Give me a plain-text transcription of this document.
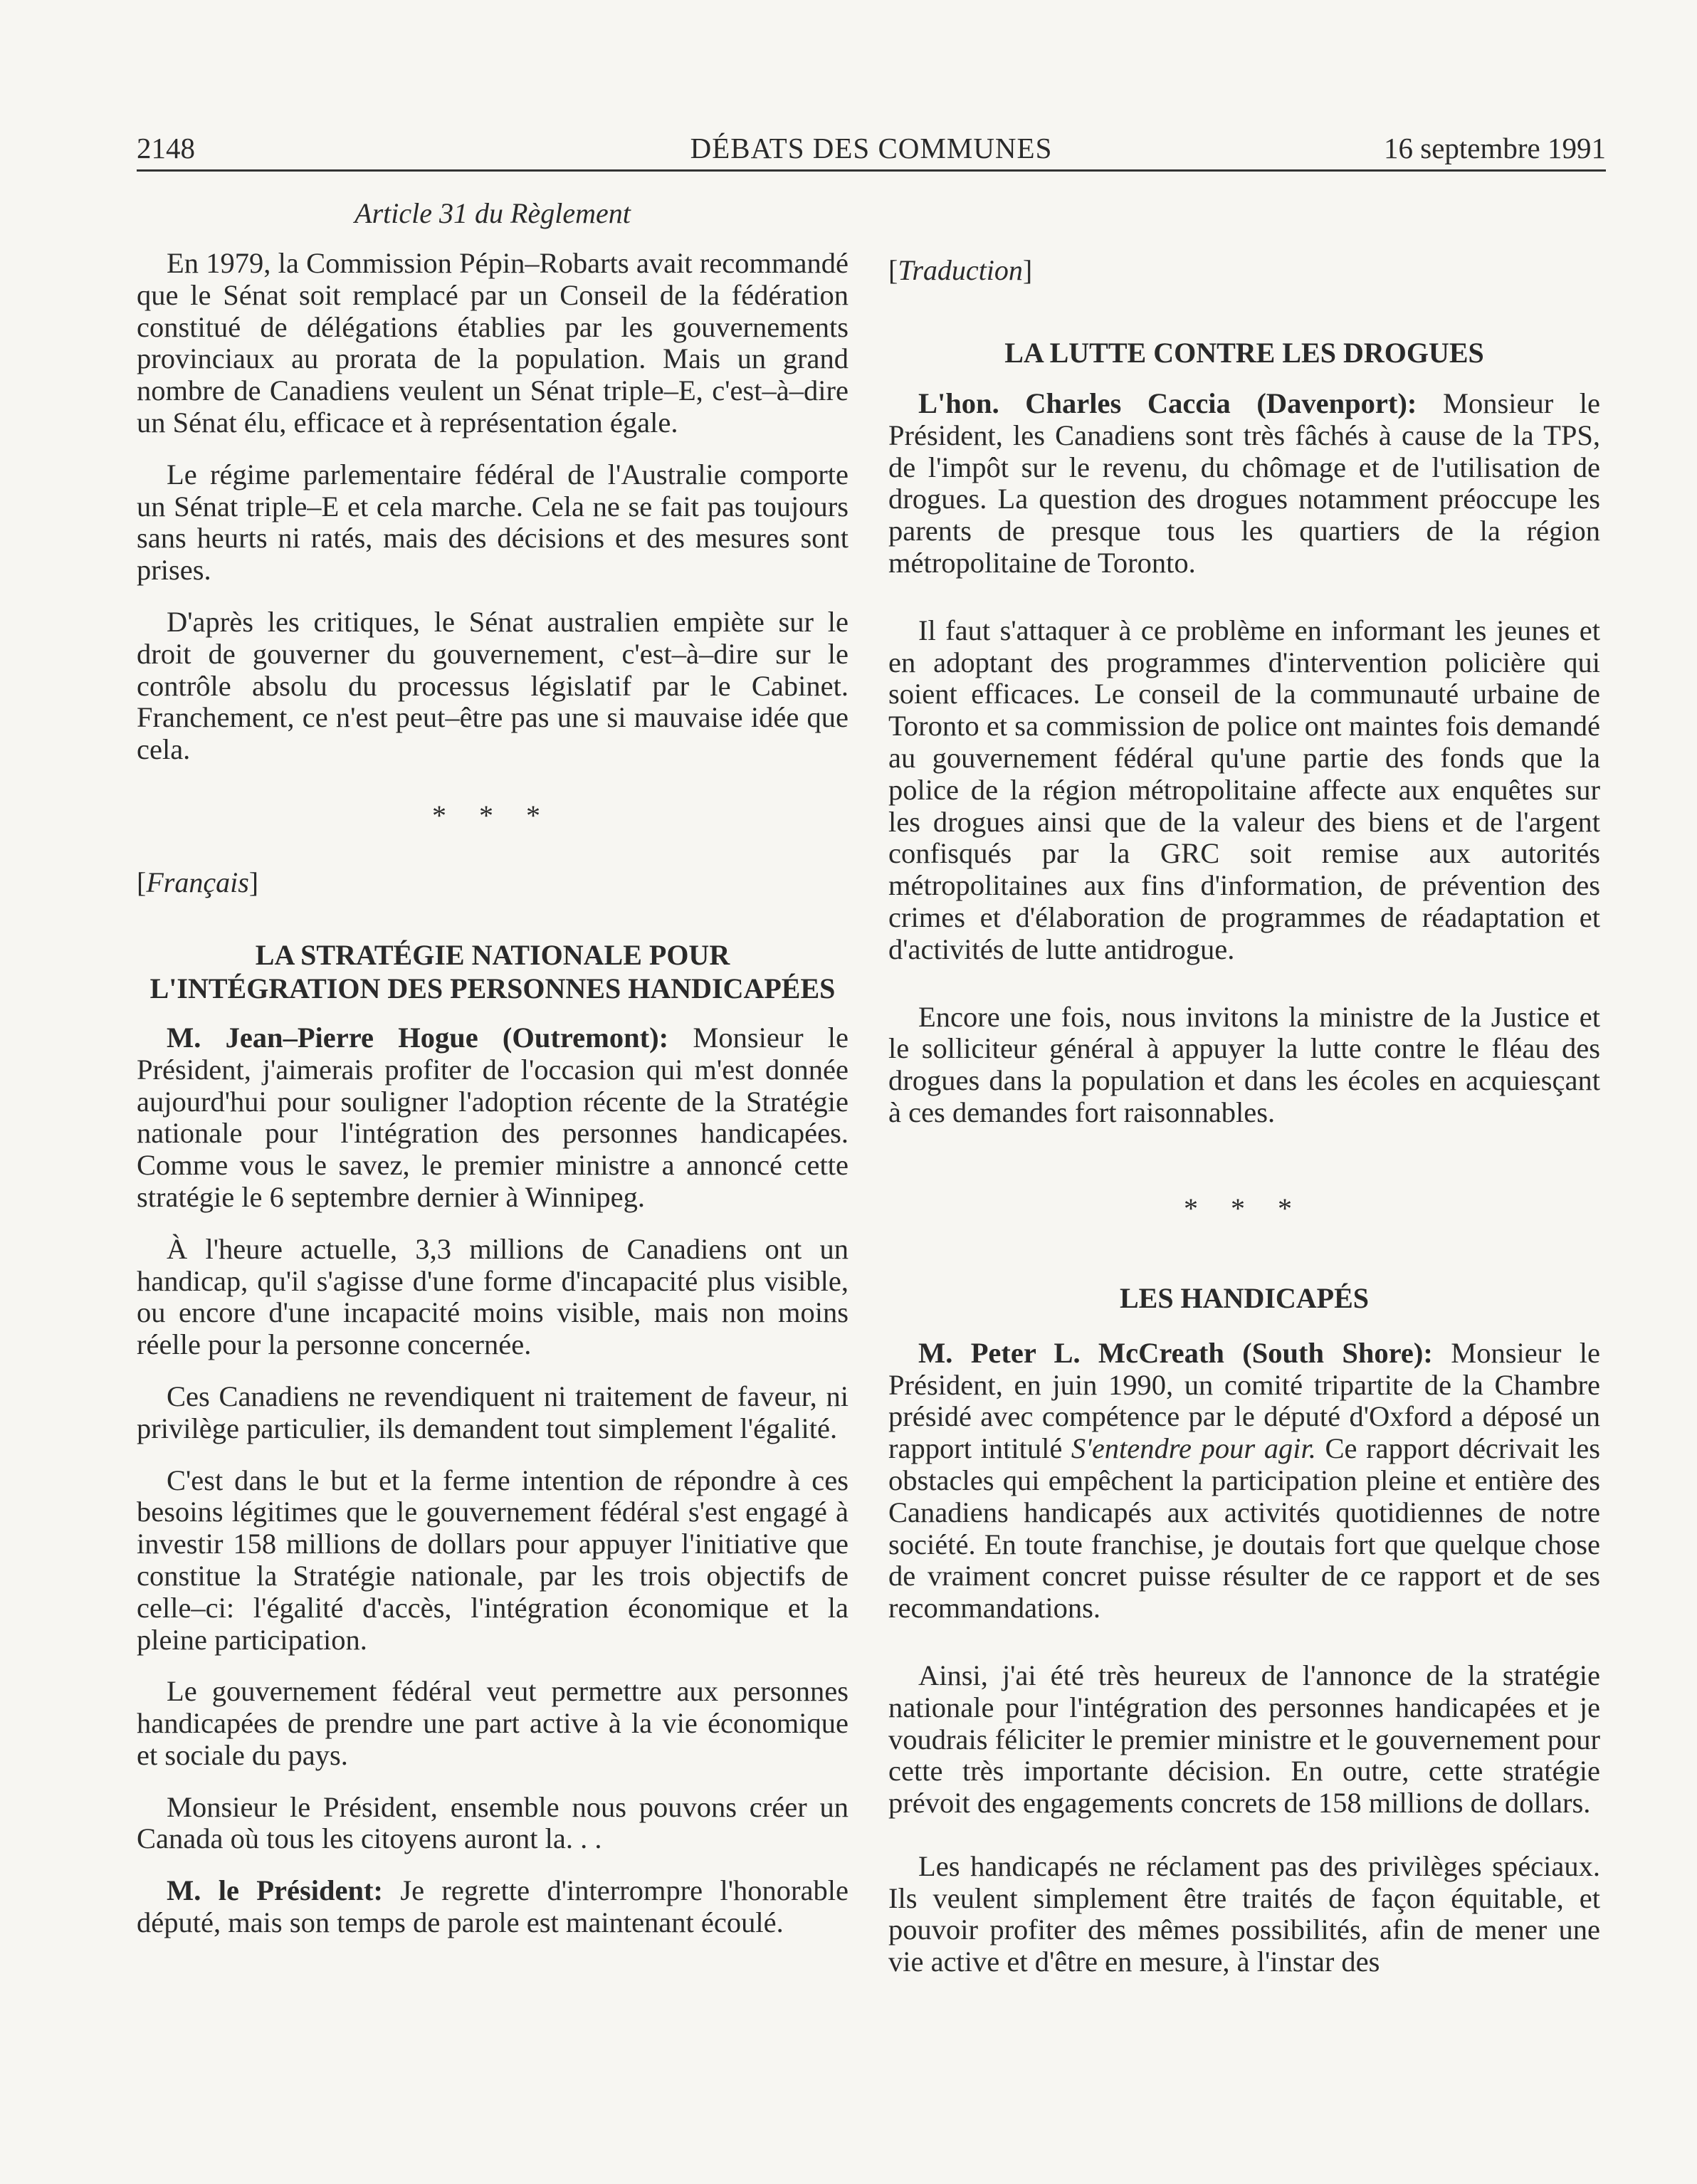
2148	DÉBATS DES COMMUNES	16 septembre 1991
Article 31 du Règlement

En 1979, la Commission Pépin–Robarts avait recommandé que le Sénat soit remplacé par un Conseil de la fédération constitué de délégations établies par les gouvernements provinciaux au prorata de la population. Mais un grand nombre de Canadiens veulent un Sénat triple–E, c'est–à–dire un Sénat élu, efficace et à représentation égale.

Le régime parlementaire fédéral de l'Australie comporte un Sénat triple–E et cela marche. Cela ne se fait pas toujours sans heurts ni ratés, mais des décisions et des mesures sont prises.

D'après les critiques, le Sénat australien empiète sur le droit de gouverner du gouvernement, c'est–à–dire sur le contrôle absolu du processus législatif par le Cabinet. Franchement, ce n'est peut–être pas une si mauvaise idée que cela.

* * *
[Français]
LA STRATÉGIE NATIONALE POUR
L'INTÉGRATION DES PERSONNES HANDICAPÉES

M. Jean–Pierre Hogue (Outremont): Monsieur le Président, j'aimerais profiter de l'occasion qui m'est donnée aujourd'hui pour souligner l'adoption récente de la Stratégie nationale pour l'intégration des personnes handicapées. Comme vous le savez, le premier ministre a annoncé cette stratégie le 6 septembre dernier à Winnipeg.

À l'heure actuelle, 3,3 millions de Canadiens ont un handicap, qu'il s'agisse d'une forme d'incapacité plus visible, ou encore d'une incapacité moins visible, mais non moins réelle pour la personne concernée.

Ces Canadiens ne revendiquent ni traitement de faveur, ni privilège particulier, ils demandent tout simplement l'égalité.

C'est dans le but et la ferme intention de répondre à ces besoins légitimes que le gouvernement fédéral s'est engagé à investir 158 millions de dollars pour appuyer l'initiative que constitue la Stratégie nationale, par les trois objectifs de celle–ci: l'égalité d'accès, l'intégration économique et la pleine participation.

Le gouvernement fédéral veut permettre aux personnes handicapées de prendre une part active à la vie économique et sociale du pays.

Monsieur le Président, ensemble nous pouvons créer un Canada où tous les citoyens auront la. . .

M. le Président: Je regrette d'interrompre l'honorable député, mais son temps de parole est maintenant écoulé.

[Traduction]
LA LUTTE CONTRE LES DROGUES

L'hon. Charles Caccia (Davenport): Monsieur le Président, les Canadiens sont très fâchés à cause de la TPS, de l'impôt sur le revenu, du chômage et de l'utilisation de drogues. La question des drogues notamment préoccupe les parents de presque tous les quartiers de la région métropolitaine de Toronto.

Il faut s'attaquer à ce problème en informant les jeunes et en adoptant des programmes d'intervention policière qui soient efficaces. Le conseil de la communauté urbaine de Toronto et sa commission de police ont maintes fois demandé au gouvernement fédéral qu'une partie des fonds que la police de la région métropolitaine affecte aux enquêtes sur les drogues ainsi que de la valeur des biens et de l'argent confisqués par la GRC soit remise aux autorités métropolitaines aux fins d'information, de prévention des crimes et d'élaboration de programmes de réadaptation et d'activités de lutte antidrogue.

Encore une fois, nous invitons la ministre de la Justice et le solliciteur général à appuyer la lutte contre le fléau des drogues dans la population et dans les écoles en acquiesçant à ces demandes fort raisonnables.

* * *
LES HANDICAPÉS

M. Peter L. McCreath (South Shore): Monsieur le Président, en juin 1990, un comité tripartite de la Chambre présidé avec compétence par le député d'Oxford a déposé un rapport intitulé S'entendre pour agir. Ce rapport décrivait les obstacles qui empêchent la participation pleine et entière des Canadiens handicapés aux activités quotidiennes de notre société. En toute franchise, je doutais fort que quelque chose de vraiment concret puisse résulter de ce rapport et de ses recommandations.

Ainsi, j'ai été très heureux de l'annonce de la stratégie nationale pour l'intégration des personnes handicapées et je voudrais féliciter le premier ministre et le gouvernement pour cette très importante décision. En outre, cette stratégie prévoit des engagements concrets de 158 millions de dollars.

Les handicapés ne réclament pas des privilèges spéciaux. Ils veulent simplement être traités de façon équitable, et pouvoir profiter des mêmes possibilités, afin de mener une vie active et d'être en mesure, à l'instar des
